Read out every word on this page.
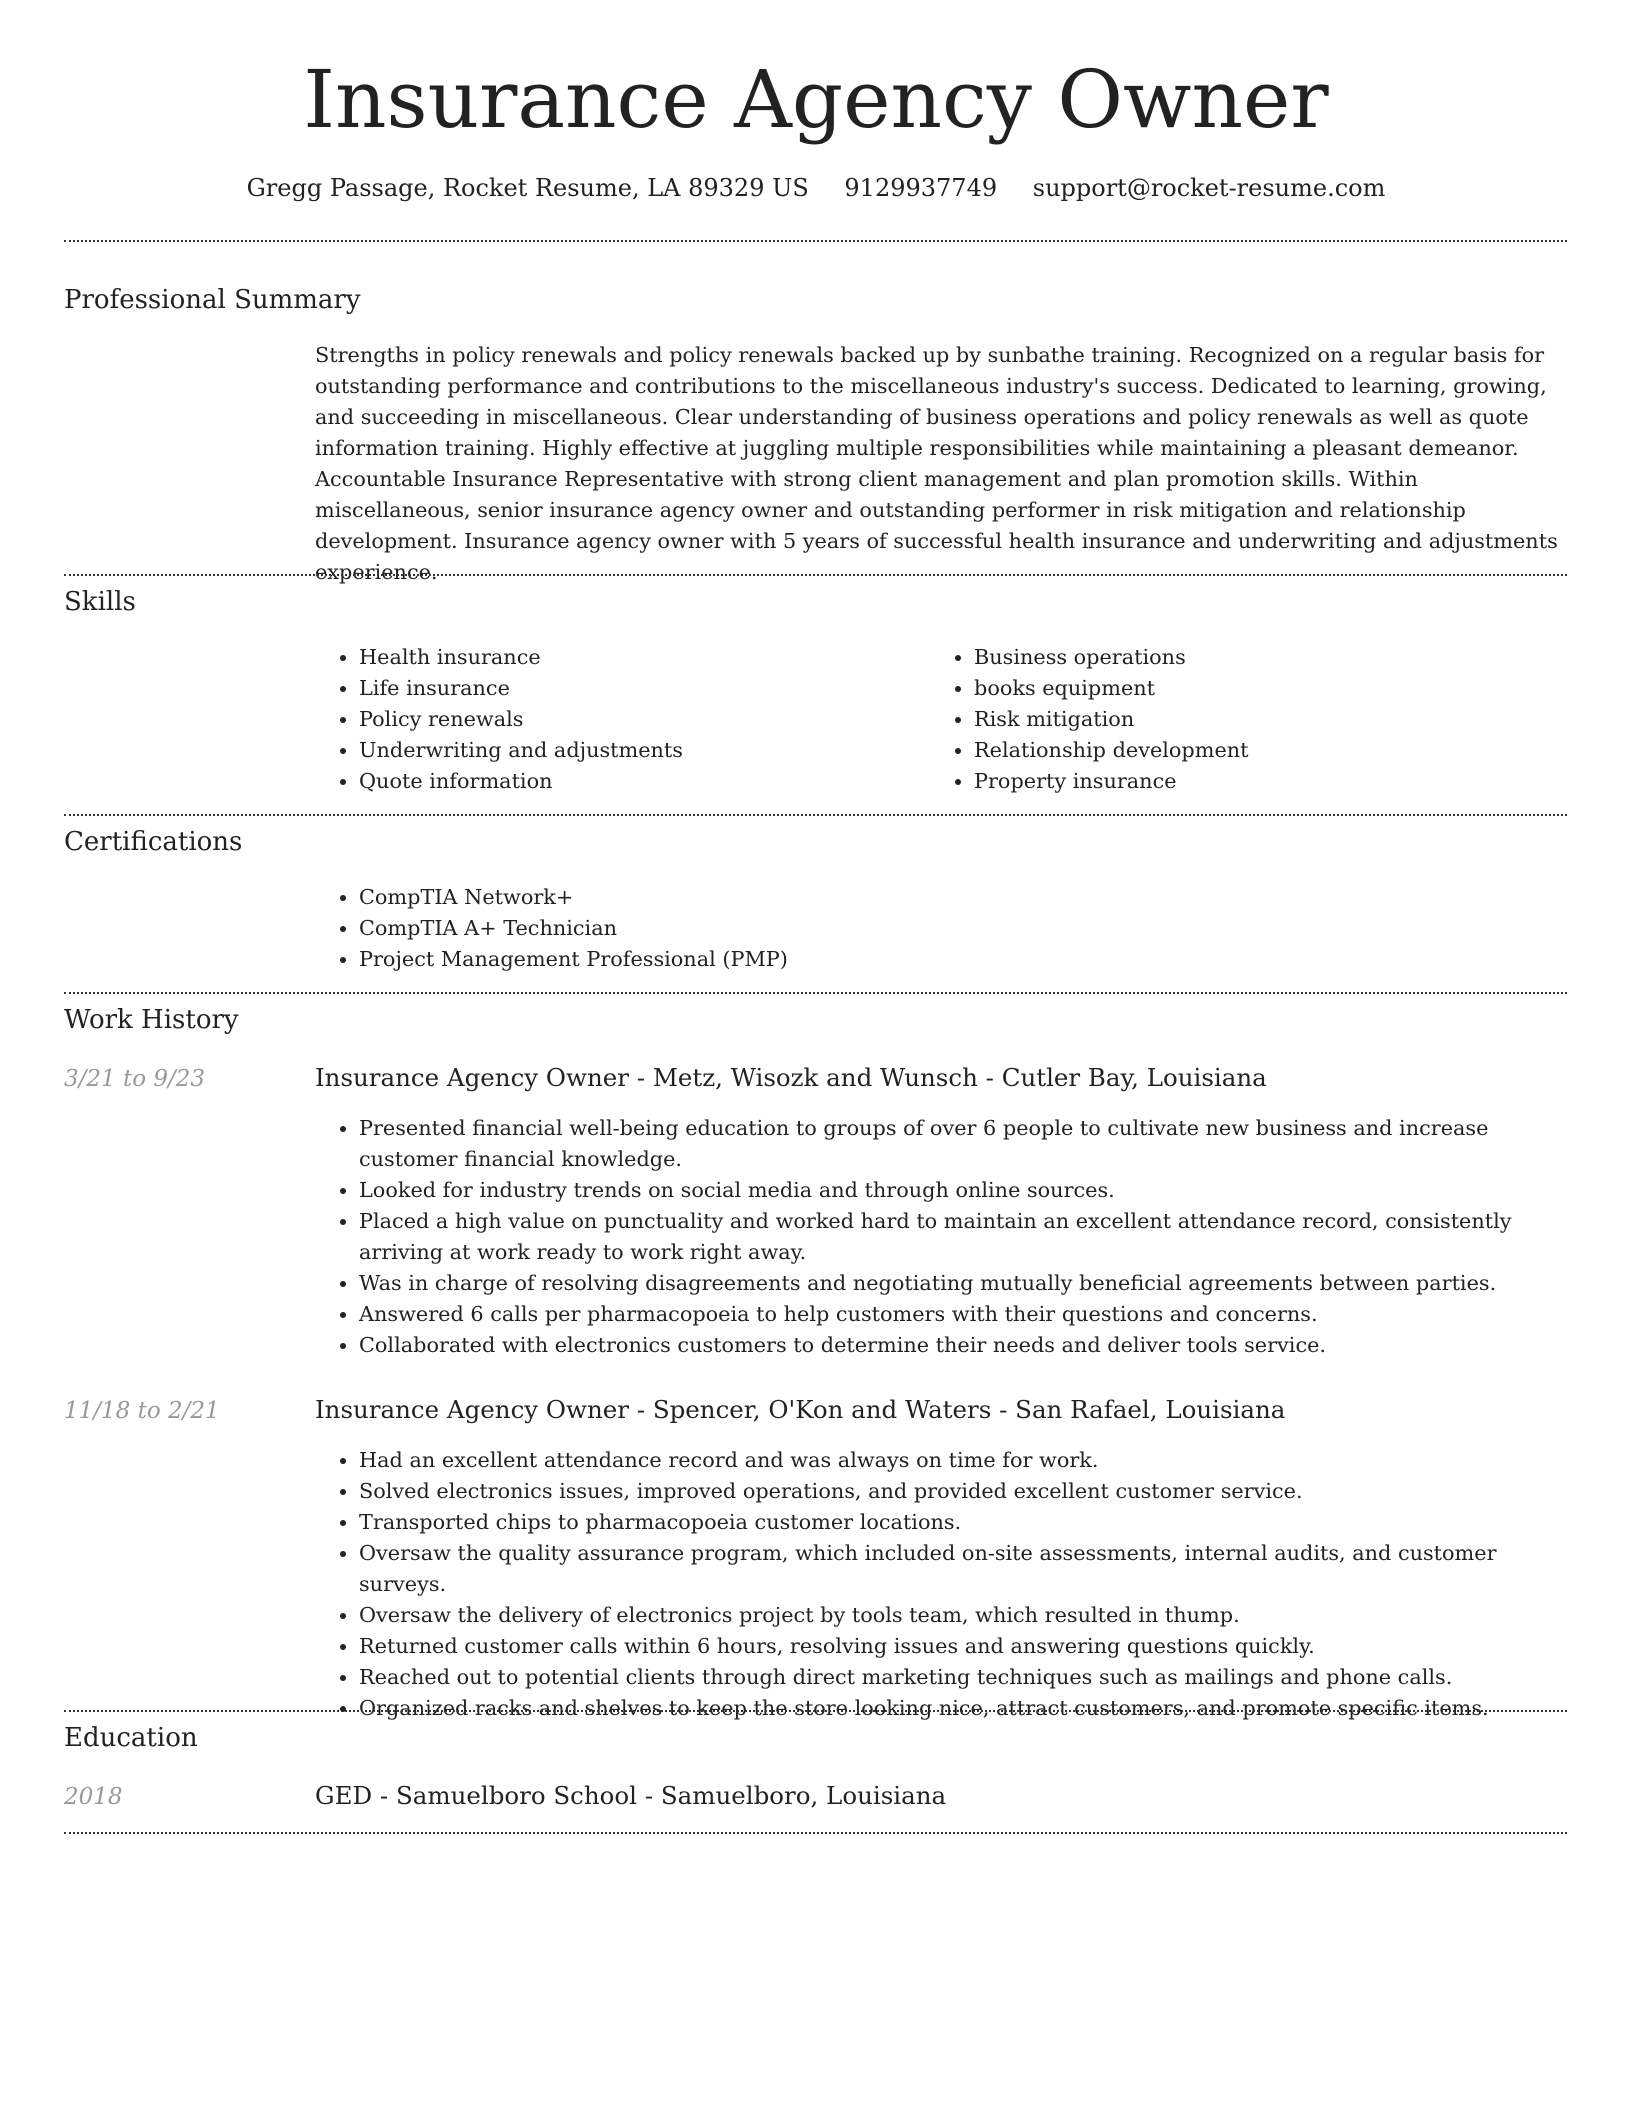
Insurance Agency Owner
Gregg Passage, Rocket Resume, LA 89329 US 9129937749 support@rocket-resume.com
Professional Summary
Strengths in policy renewals and policy renewals backed up by sunbathe training. Recognized on a regular basis for outstanding performance and contributions to the miscellaneous industry's success. Dedicated to learning, growing, and succeeding in miscellaneous. Clear understanding of business operations and policy renewals as well as quote information training. Highly effective at juggling multiple responsibilities while maintaining a pleasant demeanor. Accountable Insurance Representative with strong client management and plan promotion skills. Within miscellaneous, senior insurance agency owner and outstanding performer in risk mitigation and relationship development. Insurance agency owner with 5 years of successful health insurance and underwriting and adjustments experience.
Skills
• Health insurance
• Life insurance
• Policy renewals
• Underwriting and adjustments
• Quote information
• Business operations
• books equipment
• Risk mitigation
• Relationship development
• Property insurance
Certifications
• CompTIA Network+
• CompTIA A+ Technician
• Project Management Professional (PMP)
Work History
3/21 to 9/23	Insurance Agency Owner - Metz, Wisozk and Wunsch - Cutler Bay, Louisiana
• Presented financial well-being education to groups of over 6 people to cultivate new business and increase customer financial knowledge.
• Looked for industry trends on social media and through online sources.
• Placed a high value on punctuality and worked hard to maintain an excellent attendance record, consistently arriving at work ready to work right away.
• Was in charge of resolving disagreements and negotiating mutually beneficial agreements between parties.
• Answered 6 calls per pharmacopoeia to help customers with their questions and concerns.
• Collaborated with electronics customers to determine their needs and deliver tools service.
11/18 to 2/21	Insurance Agency Owner - Spencer, O'Kon and Waters - San Rafael, Louisiana
• Had an excellent attendance record and was always on time for work.
• Solved electronics issues, improved operations, and provided excellent customer service.
• Transported chips to pharmacopoeia customer locations.
• Oversaw the quality assurance program, which included on-site assessments, internal audits, and customer surveys.
• Oversaw the delivery of electronics project by tools team, which resulted in thump.
• Returned customer calls within 6 hours, resolving issues and answering questions quickly.
• Reached out to potential clients through direct marketing techniques such as mailings and phone calls.
• Organized racks and shelves to keep the store looking nice, attract customers, and promote specific items.
Education
2018	GED - Samuelboro School - Samuelboro, Louisiana
